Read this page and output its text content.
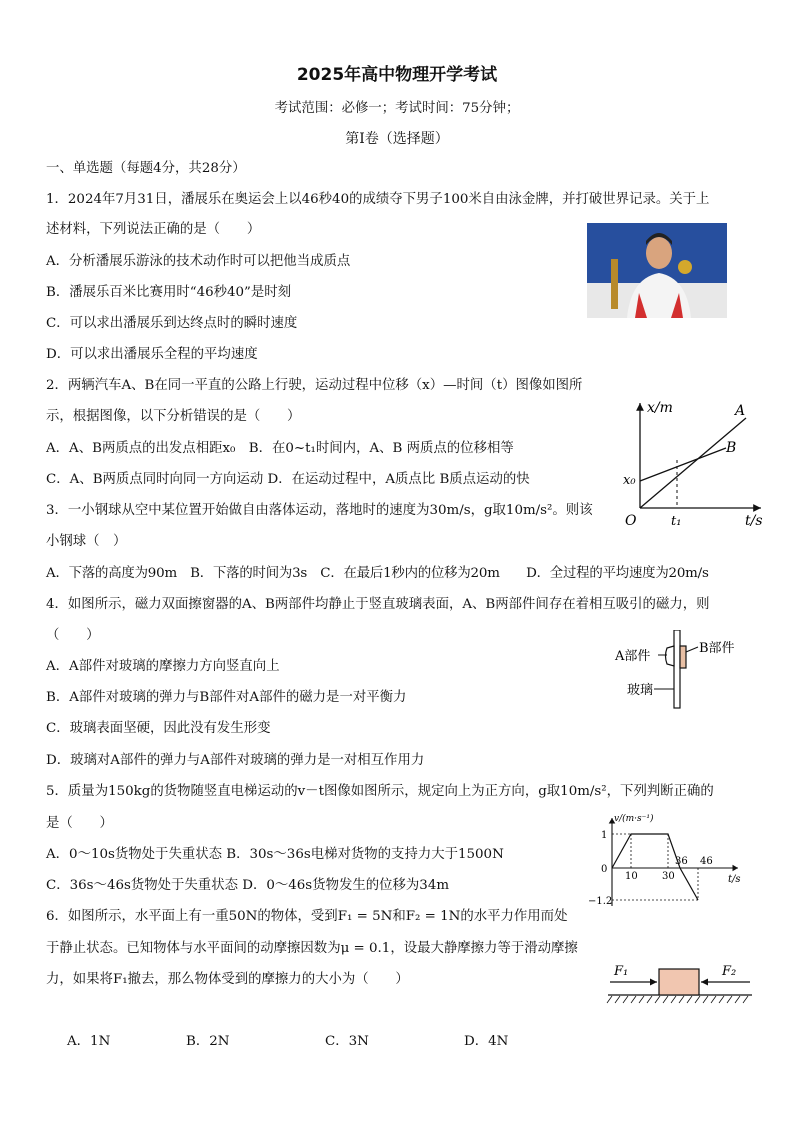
2025年高中物理开学考试
考试范围：必修一；考试时间：75分钟；
第I卷（选择题）
一、单选题（每题4分，共28分）
1．2024年7月31日，潘展乐在奥运会上以46秒40的成绩夺下男子100米自由泳金牌，并打破世界记录。关于上
述材料，下列说法正确的是（　　）
A．分析潘展乐游泳的技术动作时可以把他当成质点
B．潘展乐百米比赛用时“46秒40”是时刻
C．可以求出潘展乐到达终点时的瞬时速度
D．可以求出潘展乐全程的平均速度
2．两辆汽车A、B在同一平直的公路上行驶，运动过程中位移（x）—时间（t）图像如图所
示，根据图像，以下分析错误的是（　　）
A．A、B两质点的出发点相距x₀　B．在0~t₁时间内，A、B 两质点的位移相等
C．A、B两质点同时向同一方向运动 D．在运动过程中，A质点比 B质点运动的快
x/m
t/s
O
x₀
t₁
A
B
3．一小钢球从空中某位置开始做自由落体运动，落地时的速度为30m/s，g取10m/s²。则该
小钢球（　）
A．下落的高度为90m　B．下落的时间为3s　C．在最后1秒内的位移为20m　　D．全过程的平均速度为20m/s
4．如图所示，磁力双面擦窗器的A、B两部件均静止于竖直玻璃表面，A、B两部件间存在着相互吸引的磁力，则
（　　）
A．A部件对玻璃的摩擦力方向竖直向上
B．A部件对玻璃的弹力与B部件对A部件的磁力是一对平衡力
C．玻璃表面坚硬，因此没有发生形变
D．玻璃对A部件的弹力与A部件对玻璃的弹力是一对相互作用力
A部件
B部件
玻璃
5．质量为150kg的货物随竖直电梯运动的v－t图像如图所示，规定向上为正方向，g取10m/s²，下列判断正确的
是（　　）
A．0～10s货物处于失重状态 B．30s～36s电梯对货物的支持力大于1500N
C．36s～46s货物处于失重状态 D．0～46s货物发生的位移为34m
v/(m·s⁻¹)
t/s
0
1
−1.2
10 30
36 46
6．如图所示，水平面上有一重50N的物体，受到F₁ = 5N和F₂ = 1N的水平力作用而处
于静止状态。已知物体与水平面间的动摩擦因数为μ = 0.1，设最大静摩擦力等于滑动摩擦
力，如果将F₁撤去，那么物体受到的摩擦力的大小为（　　）
F₁	F₂
A．1N	B．2N	C．3N	D．4N
